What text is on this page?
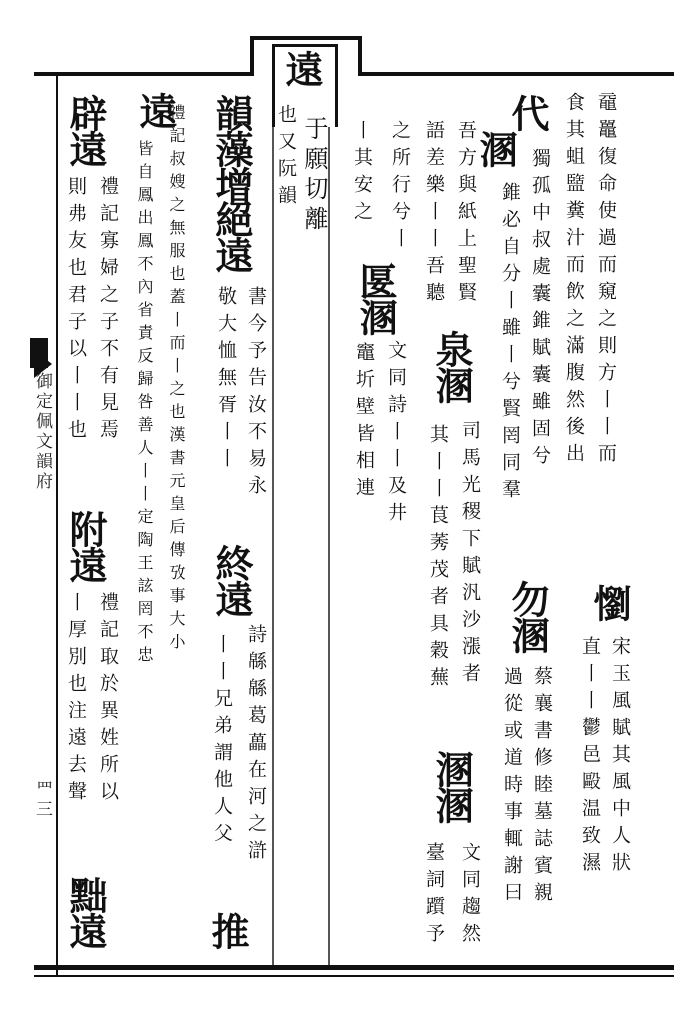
遠
于願切離
御定佩文韻府
罒三
黿鼉復命使過而窺之則方丨丨而
食其蛆盬糞汁而飲之滿腹然後出
懰
宋玉風賦其風中人狀
直丨丨鬱邑毆温致濕
代
獨孤中叔處囊錐賦囊雖固兮
溷
錐必自分丨雖丨兮賢罔同羣
勿溷
蔡襄書修睦墓誌賓親
過從或道時事輒謝曰
吾方與紙上聖賢
泉溷
司馬光稷下賦汎沙漲者
語差樂丨丨吾聽
溷溷
文同趨然
其丨丨茛莠茂者具穀蕪
臺詞躓予
之所行兮丨
匽溷
文同詩丨丨及井
丨其安之
竈圻壁皆相連
也又阮韻
韻藻增
絕遠
書今予告汝不易永
敬大恤無胥丨丨
終遠
詩緜緜葛藟在河之滸
丨丨兄弟謂他人父
遠
禮記叔嫂之無服也蓋丨而丨之也漢書元皇后傳攷事大小
皆自鳳出鳳不內省責反歸咎善人丨丨定陶王詃罔不忠
推
辟遠
禮記寡婦之子不有見焉
則弗友也君子以丨丨也
附遠
禮記取於異姓所以
丨厚別也注遠去聲
黜遠
